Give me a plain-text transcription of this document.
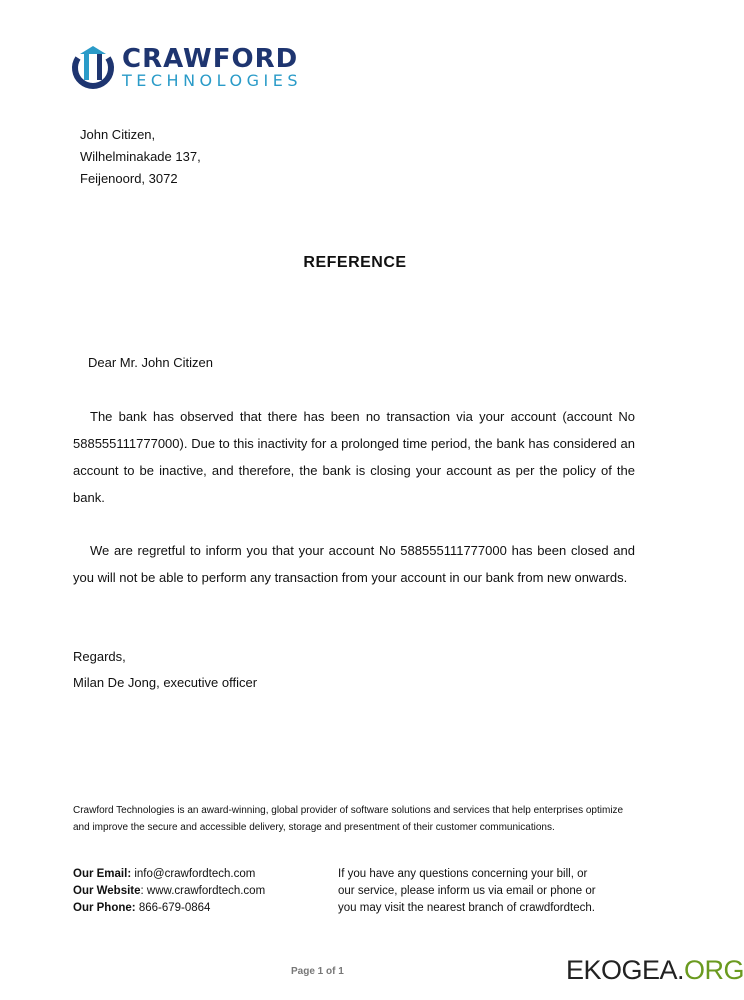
CRAWFORD
TECHNOLOGIES
John Citizen,
Wilhelminakade 137,
Feijenoord, 3072
REFERENCE
Dear Mr. John Citizen
The bank has observed that there has been no transaction via your account (account No 588555111777000). Due to this inactivity for a prolonged time period, the bank has considered an account to be inactive, and therefore, the bank is closing your account as per the policy of the bank.
We are regretful to inform you that your account No 588555111777000 has been closed and you will not be able to perform any transaction from your account in our bank from new onwards.
Regards,
Milan De Jong, executive officer
Crawford Technologies is an award-winning, global provider of software solutions and services that help enterprises optimize and improve the secure and accessible delivery, storage and presentment of their customer communications.
Our Email: info@crawfordtech.com
Our Website: www.crawfordtech.com
Our Phone: 866-679-0864
If you have any questions concerning your bill, or
our service, please inform us via email or phone or
you may visit the nearest branch of crawdfordtech.
Page 1 of 1	EKOGEA.ORG
